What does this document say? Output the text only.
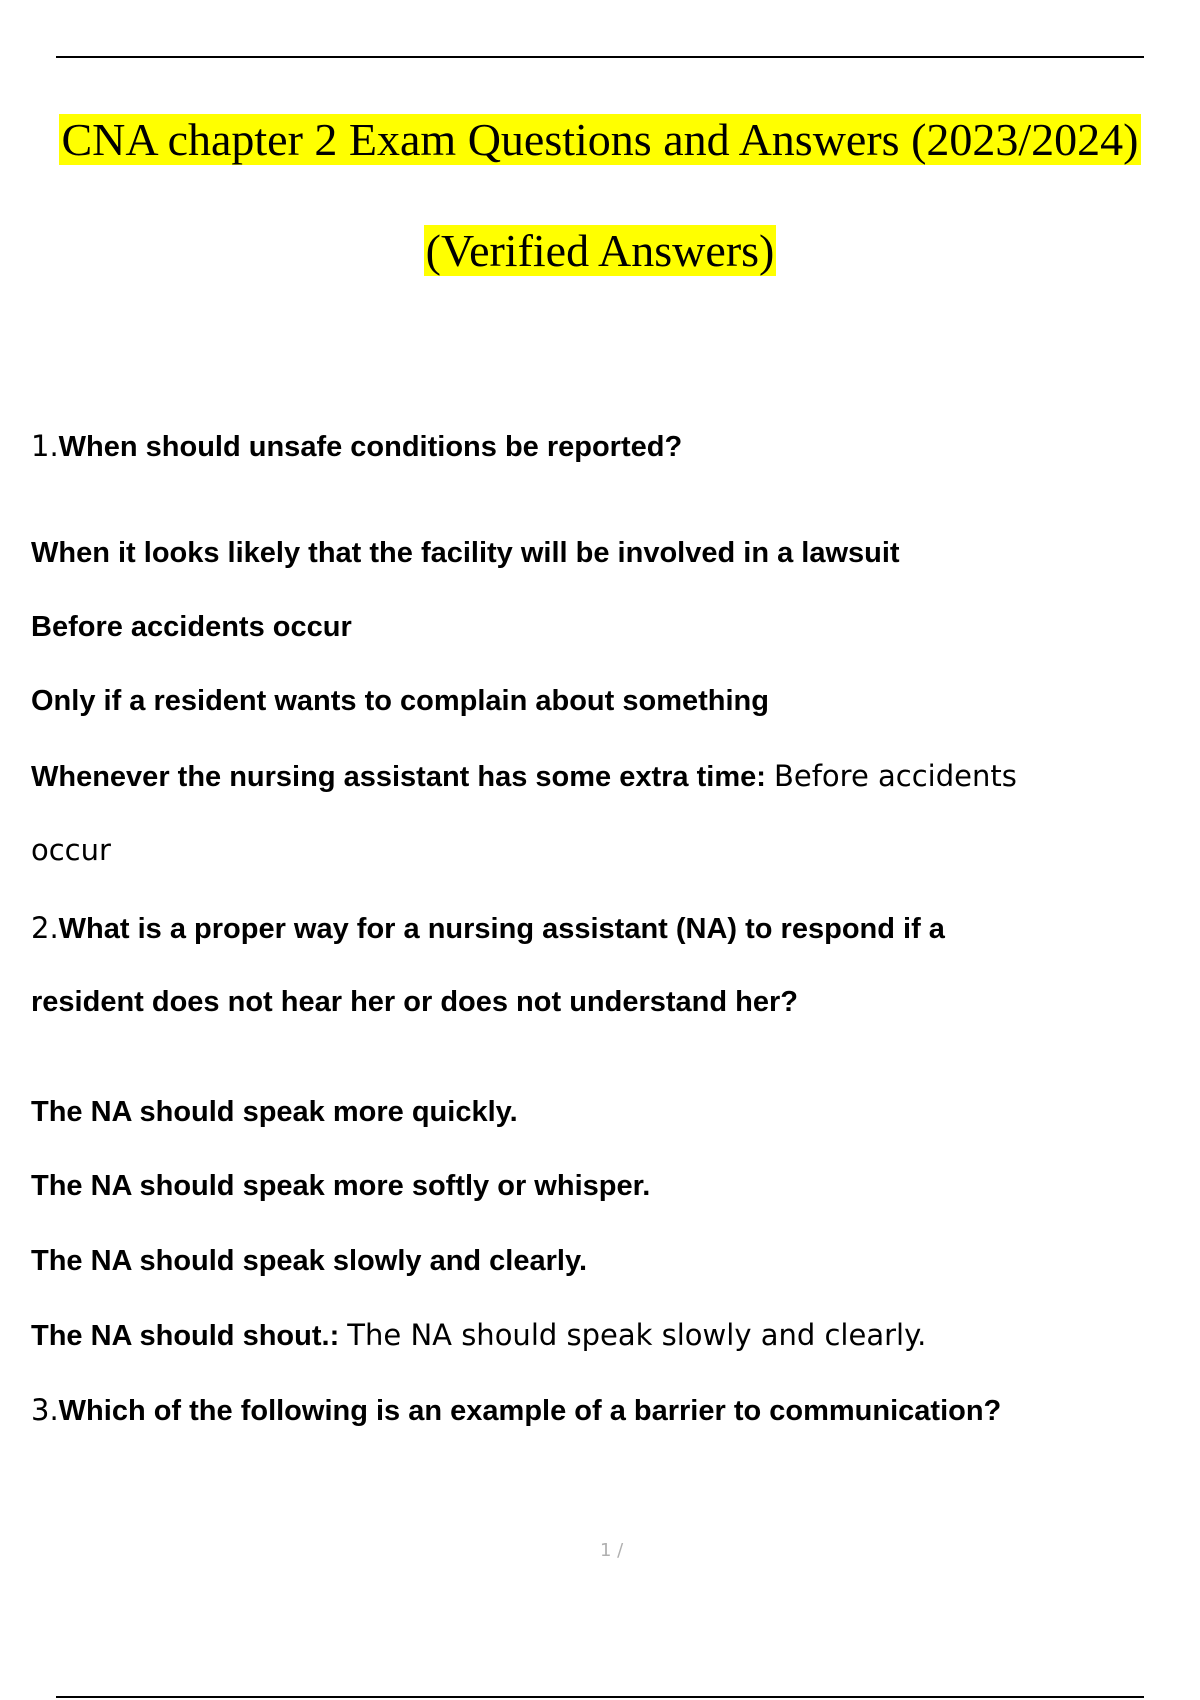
CNA chapter 2 Exam Questions and Answers (2023/2024)
(Verified Answers)
1.When should unsafe conditions be reported?
When it looks likely that the facility will be involved in a lawsuit
Before accidents occur
Only if a resident wants to complain about something
Whenever the nursing assistant has some extra time: Before accidents
occur
2.What is a proper way for a nursing assistant (NA) to respond if a
resident does not hear her or does not understand her?
The NA should speak more quickly.
The NA should speak more softly or whisper.
The NA should speak slowly and clearly.
The NA should shout.: The NA should speak slowly and clearly.
3.Which of the following is an example of a barrier to communication?
1 /
